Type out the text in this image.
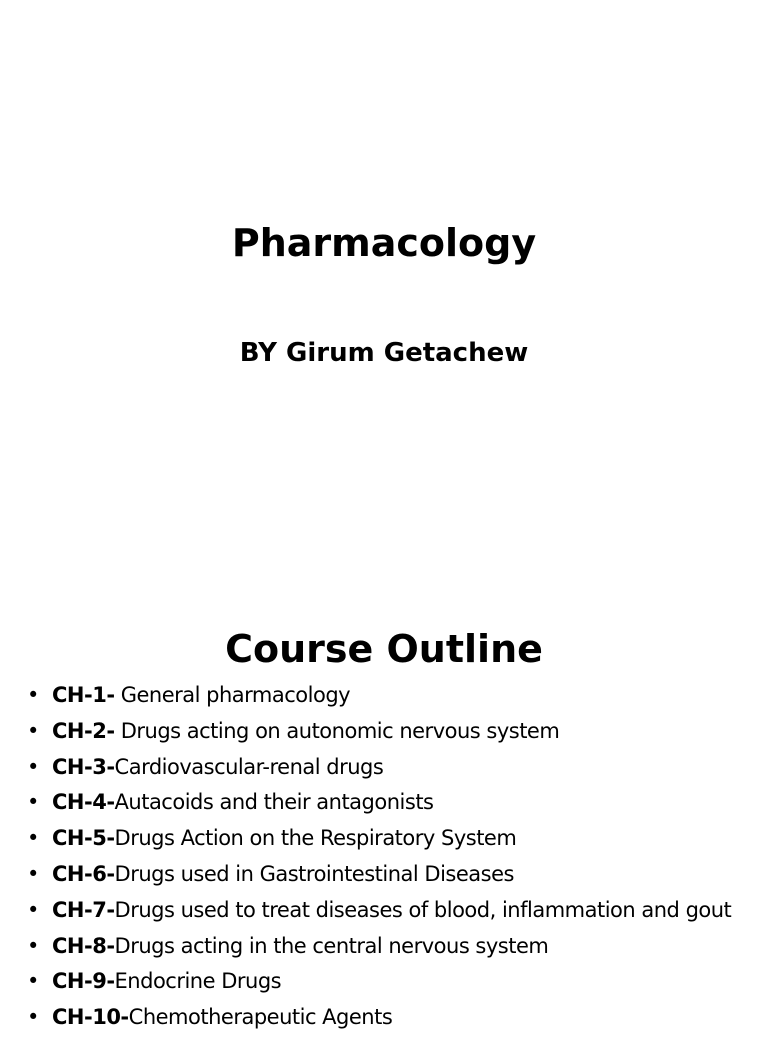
Pharmacology
BY Girum Getachew
Course Outline
• CH-1- General pharmacology
• CH-2- Drugs acting on autonomic nervous system
• CH-3-Cardiovascular-renal drugs
• CH-4-Autacoids and their antagonists
• CH-5-Drugs Action on the Respiratory System
• CH-6-Drugs used in Gastrointestinal Diseases
• CH-7-Drugs used to treat diseases of blood, inflammation and gout
• CH-8-Drugs acting in the central nervous system
• CH-9-Endocrine Drugs
• CH-10-Chemotherapeutic Agents
